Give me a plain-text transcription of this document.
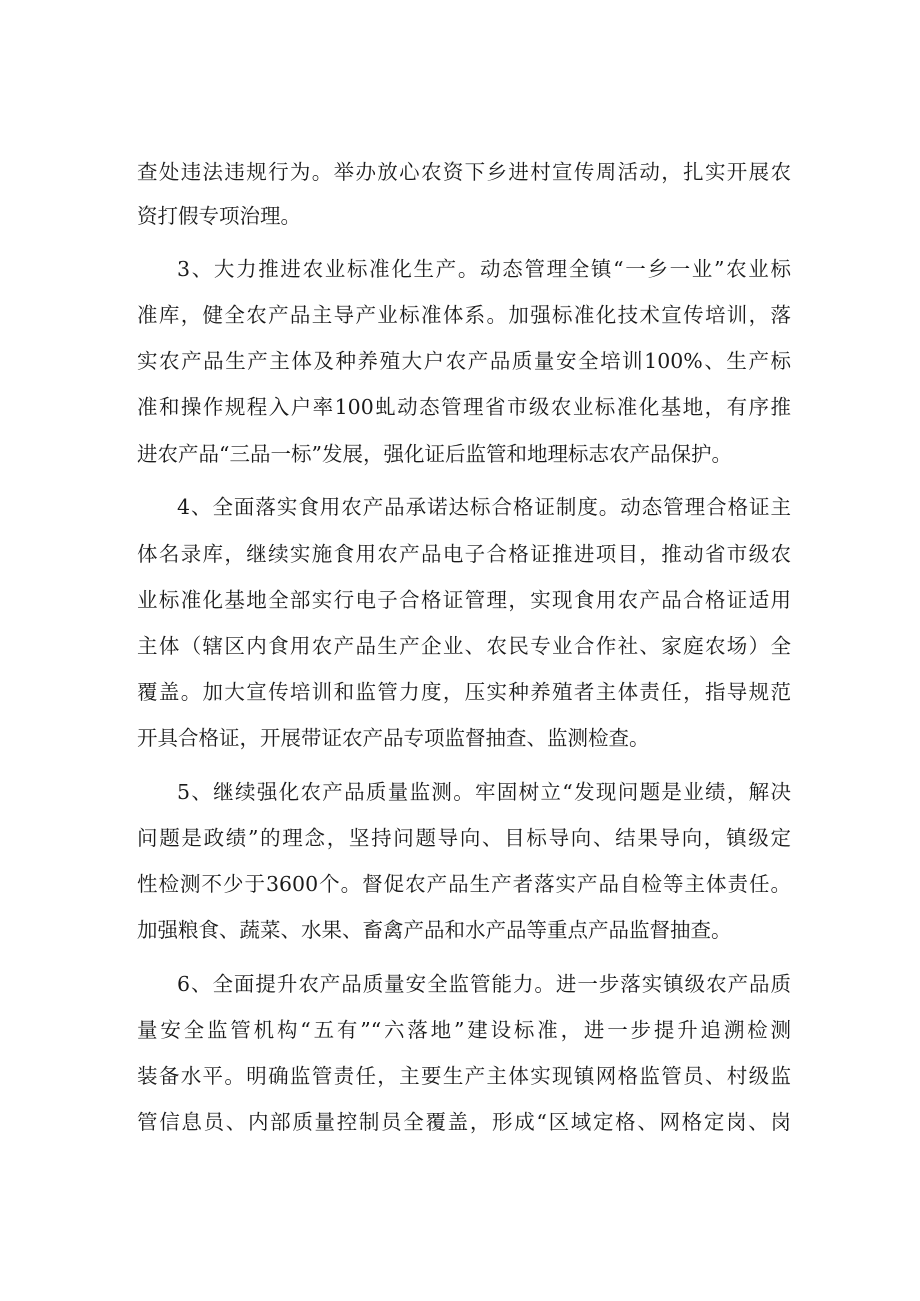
查处违法违规行为。举办放心农资下乡进村宣传周活动，扎实开展农
资打假专项治理。
3、大力推进农业标准化生产。动态管理全镇“一乡一业”农业标
准库，健全农产品主导产业标准体系。加强标准化技术宣传培训，落
实农产品生产主体及种养殖大户农产品质量安全培训100%、生产标
准和操作规程入户率100虬动态管理省市级农业标准化基地，有序推
进农产品“三品一标”发展，强化证后监管和地理标志农产品保护。
4、全面落实食用农产品承诺达标合格证制度。动态管理合格证主
体名录库，继续实施食用农产品电子合格证推进项目，推动省市级农
业标准化基地全部实行电子合格证管理，实现食用农产品合格证适用
主体（辖区内食用农产品生产企业、农民专业合作社、家庭农场）全
覆盖。加大宣传培训和监管力度，压实种养殖者主体责任，指导规范
开具合格证，开展带证农产品专项监督抽查、监测检查。
5、继续强化农产品质量监测。牢固树立“发现问题是业绩，解决
问题是政绩”的理念，坚持问题导向、目标导向、结果导向，镇级定
性检测不少于3600个。督促农产品生产者落实产品自检等主体责任。
加强粮食、蔬菜、水果、畜禽产品和水产品等重点产品监督抽查。
6、全面提升农产品质量安全监管能力。进一步落实镇级农产品质
量安全监管机构“五有”“六落地”建设标准，进一步提升追溯检测
装备水平。明确监管责任，主要生产主体实现镇网格监管员、村级监
管信息员、内部质量控制员全覆盖，形成“区域定格、网格定岗、岗
